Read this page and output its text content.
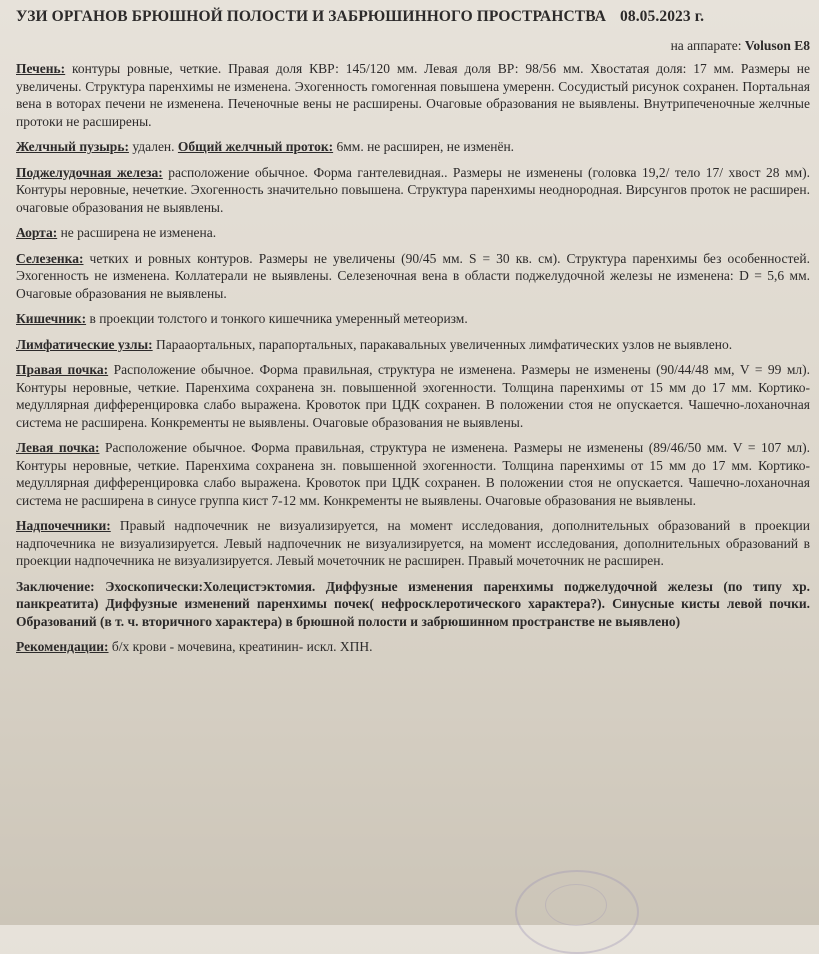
УЗИ ОРГАНОВ БРЮШНОЙ ПОЛОСТИ И ЗАБРЮШИННОГО ПРОСТРАНСТВА 08.05.2023 г.
на аппарате: Voluson E8

Печень: контуры ровные, четкие. Правая доля КВР: 145/120 мм. Левая доля ВР: 98/56 мм. Хвостатая доля: 17 мм. Размеры не увеличены. Структура паренхимы не изменена. Эхогенность гомогенная повышена умеренн. Сосудистый рисунок сохранен. Портальная вена в воторах печени не изменена. Печеночные вены не расширены. Очаговые образования не выявлены. Внутрипеченочные желчные протоки не расширены.

Желчный пузырь: удален. Общий желчный проток: 6мм. не расширен, не изменён.

Поджелудочная железа: расположение обычное. Форма гантелевидная.. Размеры не изменены (головка 19,2/ тело 17/ хвост 28 мм). Контуры неровные, нечеткие. Эхогенность значительно повышена. Структура паренхимы неоднородная. Вирсунгов проток не расширен. очаговые образования не выявлены.

Аорта: не расширена не изменена.

Селезенка: четких и ровных контуров. Размеры не увеличены (90/45 мм. S = 30 кв. см). Структура паренхимы без особенностей. Эхогенность не изменена. Коллатерали не выявлены. Селезеночная вена в области поджелудочной железы не изменена: D = 5,6 мм. Очаговые образования не выявлены.

Кишечник: в проекции толстого и тонкого кишечника умеренный метеоризм.

Лимфатические узлы: Парааортальных, парапортальных, паракавальных увеличенных лимфатических узлов не выявлено.

Правая почка: Расположение обычное. Форма правильная, структура не изменена. Размеры не изменены (90/44/48 мм, V = 99 мл). Контуры неровные, четкие. Паренхима сохранена зн. повышенной эхогенности. Толщина паренхимы от 15 мм до 17 мм. Кортико-медуллярная дифференцировка слабо выражена. Кровоток при ЦДК сохранен. В положении стоя не опускается. Чашечно-лоханочная система не расширена. Конкременты не выявлены. Очаговые образования не выявлены.

Левая почка: Расположение обычное. Форма правильная, структура не изменена. Размеры не изменены (89/46/50 мм. V = 107 мл). Контуры неровные, четкие. Паренхима сохранена зн. повышенной эхогенности. Толщина паренхимы от 15 мм до 17 мм. Кортико-медуллярная дифференцировка слабо выражена. Кровоток при ЦДК сохранен. В положении стоя не опускается. Чашечно-лоханочная система не расширена в синусе группа кист 7-12 мм. Конкременты не выявлены. Очаговые образования не выявлены.

Надпочечники: Правый надпочечник не визуализируется, на момент исследования, дополнительных образований в проекции надпочечника не визуализируется. Левый надпочечник не визуализируется, на момент исследования, дополнительных образований в проекции надпочечника не визуализируется. Левый мочеточник не расширен. Правый мочеточник не расширен.

Заключение: Эхоскопически:Холецистэктомия. Диффузные изменения паренхимы поджелудочной железы (по типу хр. панкреатита) Диффузные изменений паренхимы почек( нефросклеротического характера?). Синусные кисты левой почки. Образований (в т. ч. вторичного характера) в брюшной полости и забрюшинном пространстве не выявлено)

Рекомендации: б/х крови - мочевина, креатинин- искл. ХПН.
